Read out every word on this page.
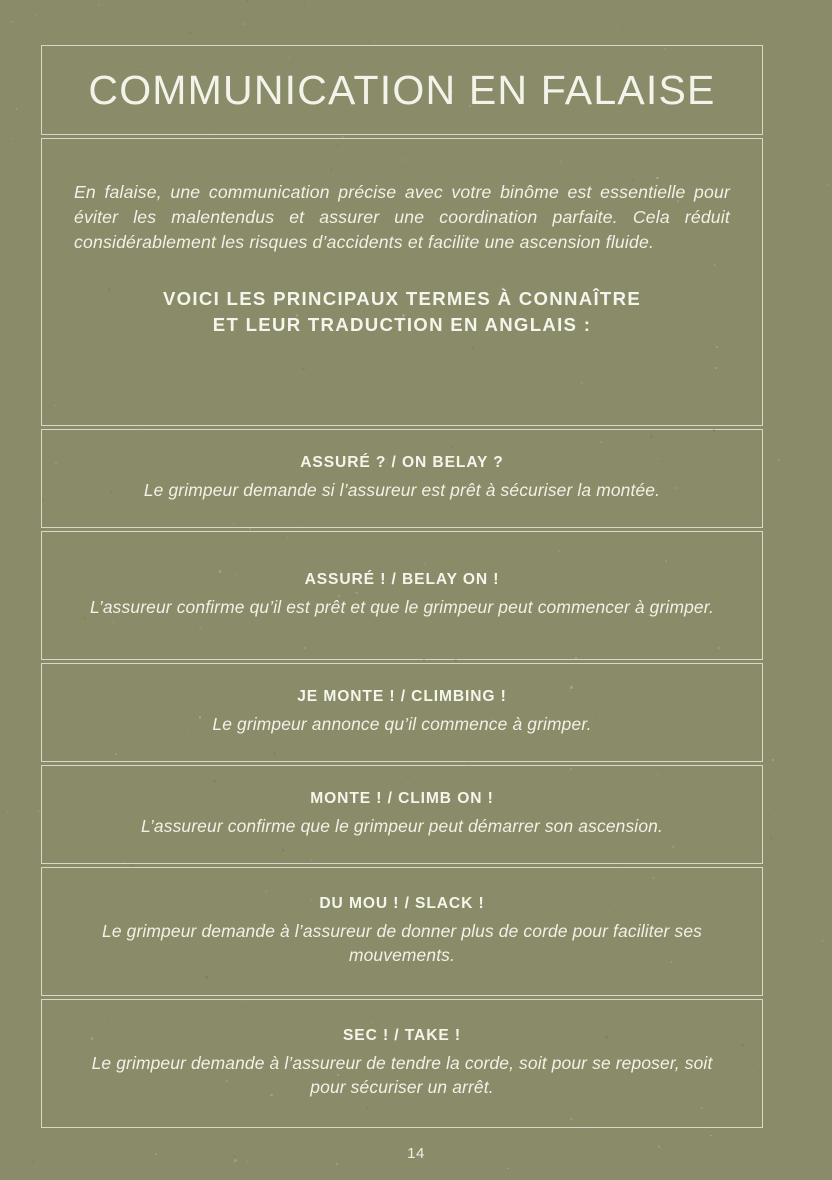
COMMUNICATION EN FALAISE
En falaise, une communication précise avec votre binôme est essentielle pour éviter les malentendus et assurer une coordination parfaite. Cela réduit considérablement les risques d’accidents et facilite une ascension fluide.
VOICI LES PRINCIPAUX TERMES À CONNAÎTRE
ET LEUR TRADUCTION EN ANGLAIS :
ASSURÉ ? / ON BELAY ?
Le grimpeur demande si l’assureur est prêt à sécuriser la montée.
ASSURÉ ! / BELAY ON !
L’assureur confirme qu’il est prêt et que le grimpeur peut commencer à grimper.
JE MONTE ! / CLIMBING !
Le grimpeur annonce qu’il commence à grimper.
MONTE ! / CLIMB ON !
L’assureur confirme que le grimpeur peut démarrer son ascension.
DU MOU ! / SLACK !
Le grimpeur demande à l’assureur de donner plus de corde pour faciliter ses mouvements.
SEC ! / TAKE !
Le grimpeur demande à l’assureur de tendre la corde, soit pour se reposer, soit pour sécuriser un arrêt.
14
